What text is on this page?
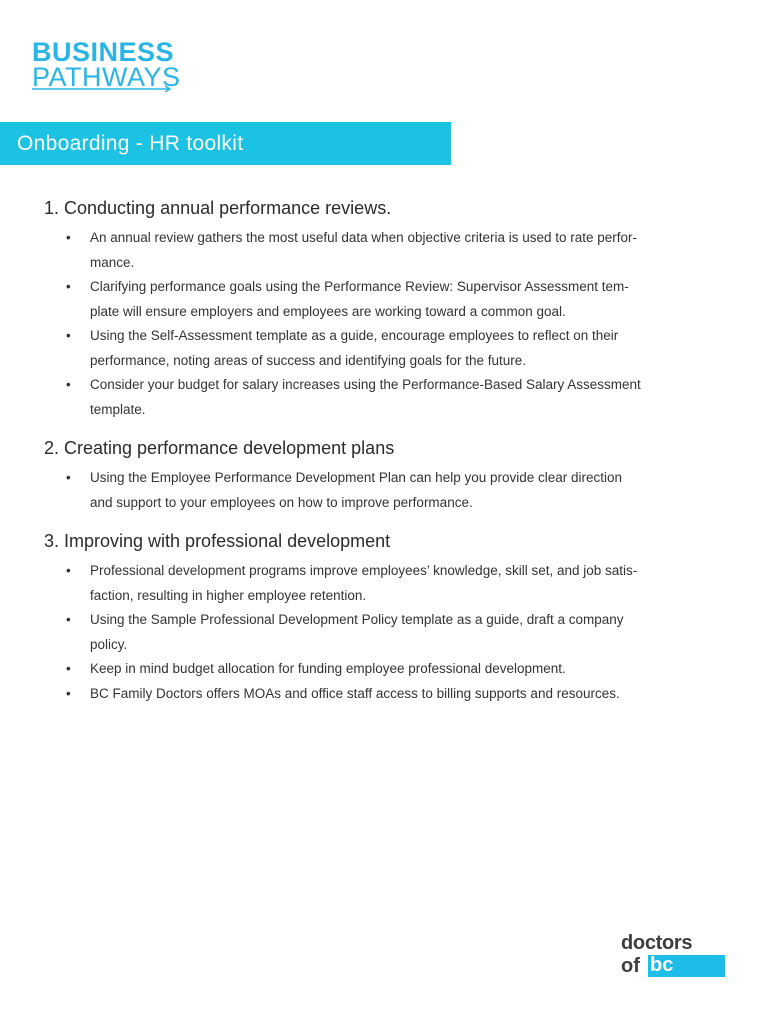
BUSINESS
PATHWAYS
Onboarding - HR toolkit
1. Conducting annual performance reviews.
• An annual review gathers the most useful data when objective criteria is used to rate perfor-
mance.
• Clarifying performance goals using the Performance Review: Supervisor Assessment tem-
plate will ensure employers and employees are working toward a common goal.
• Using the Self-Assessment template as a guide, encourage employees to reflect on their
performance, noting areas of success and identifying goals for the future.
• Consider your budget for salary increases using the Performance-Based Salary Assessment
template.
2. Creating performance development plans
• Using the Employee Performance Development Plan can help you provide clear direction
and support to your employees on how to improve performance.
3. Improving with professional development
• Professional development programs improve employees’ knowledge, skill set, and job satis-
faction, resulting in higher employee retention.
• Using the Sample Professional Development Policy template as a guide, draft a company
policy.
• Keep in mind budget allocation for funding employee professional development.
• BC Family Doctors offers MOAs and office staff access to billing supports and resources.
doctors
of bc
